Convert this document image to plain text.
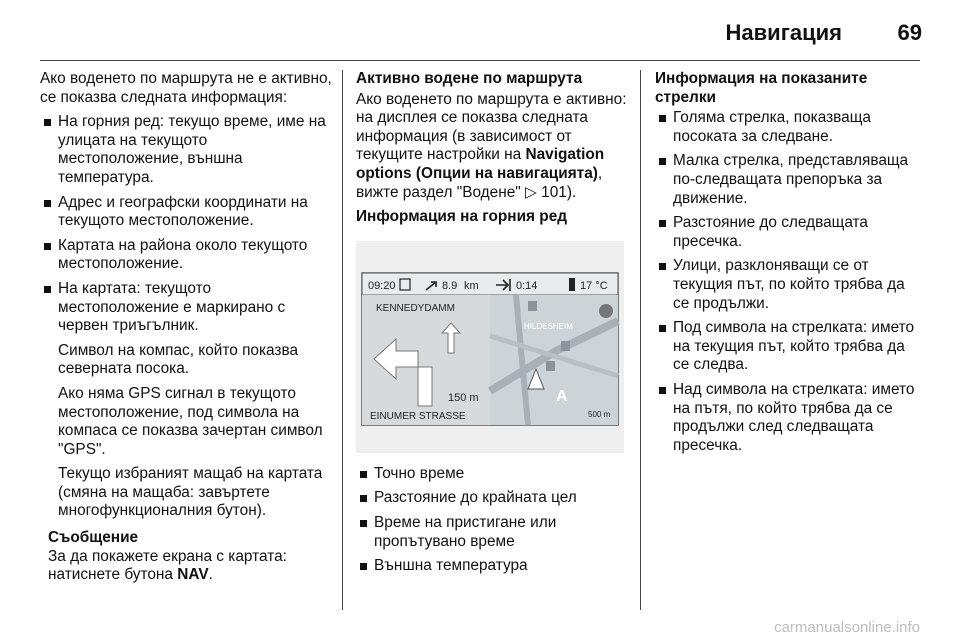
Навигация	69

Ако воденето по маршрута не е активно, се показва следната информация:

На горния ред: текущо време, име на улицата на текущото местоположение, външна температура.
Адрес и географски координати на текущото местоположение.
Картата на района около текущото местоположение.
На картата: текущото местоположение е маркирано с червен триъгълник.

Символ на компас, който показва северната посока.

Ако няма GPS сигнал в текущото местоположение, под символа на компаса се показва зачертан символ "GPS".

Текущо избраният мащаб на картата (смяна на мащаба: завъртете многофункционалния бутон).

Съобщение

За да покажете екрана с картата: натиснете бутона NAV.

Активно водене по маршрута

Ако воденето по маршрута е активно: на дисплея се показва следната информация (в зависимост от текущите настройки на Navigation options (Опции на навигацията), вижте раздел "Водене" ▷ 101).

Информация на горния ред

09:20	8.9 km	0:14	17 °C
KENNEDYDAMM
150 m
EINUMER STRASSE
HILDESHEIM
A
500 m
Точно време
Разстояние до крайната цел
Време на пристигане или пропътувано време
Външна температура

Информация на показаните стрелки

Голяма стрелка, показваща посоката за следване.
Малка стрелка, представляваща по-следващата препоръка за движение.
Разстояние до следващата пресечка.
Улици, разклоняващи се от текущия път, по който трябва да се продължи.
Под символа на стрелката: името на текущия път, който трябва да се следва.
Над символа на стрелката: името на пътя, по който трябва да се продължи след следващата пресечка.
carmanualsonline.info
